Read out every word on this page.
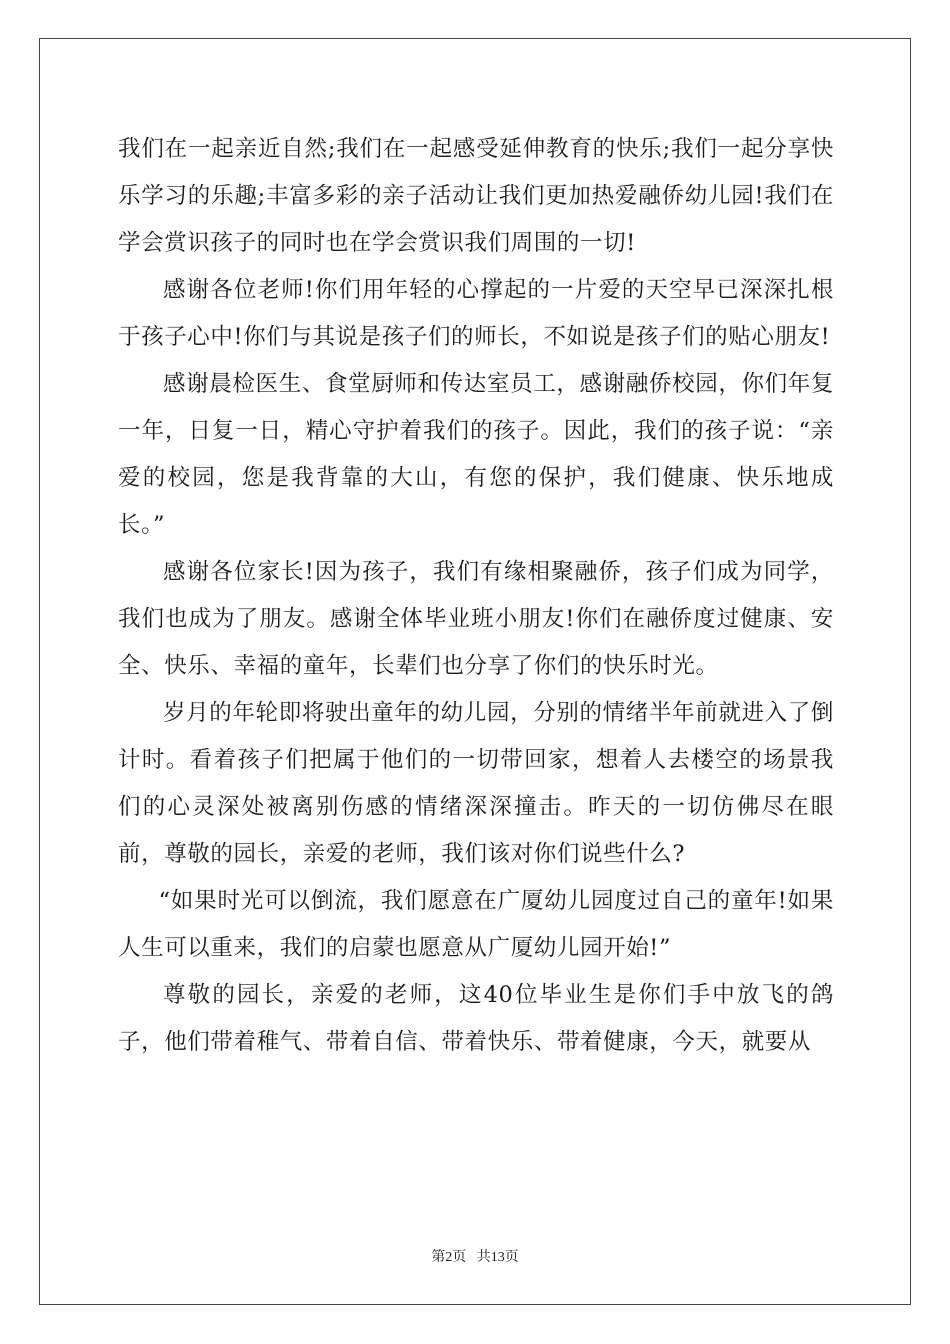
我们在一起亲近自然;我们在一起感受延伸教育的快乐;我们一起分享快乐学习的乐趣;丰富多彩的亲子活动让我们更加热爱融侨幼儿园!我们在学会赏识孩子的同时也在学会赏识我们周围的一切!

感谢各位老师!你们用年轻的心撑起的一片爱的天空早已深深扎根于孩子心中!你们与其说是孩子们的师长，不如说是孩子们的贴心朋友!

感谢晨检医生、食堂厨师和传达室员工，感谢融侨校园，你们年复一年，日复一日，精心守护着我们的孩子。因此，我们的孩子说：“亲爱的校园，您是我背靠的大山，有您的保护，我们健康、快乐地成长。”

感谢各位家长!因为孩子，我们有缘相聚融侨，孩子们成为同学，我们也成为了朋友。感谢全体毕业班小朋友!你们在融侨度过健康、安全、快乐、幸福的童年，长辈们也分享了你们的快乐时光。

岁月的年轮即将驶出童年的幼儿园，分别的情绪半年前就进入了倒计时。看着孩子们把属于他们的一切带回家，想着人去楼空的场景我们的心灵深处被离别伤感的情绪深深撞击。昨天的一切仿佛尽在眼前，尊敬的园长，亲爱的老师，我们该对你们说些什么?

“如果时光可以倒流，我们愿意在广厦幼儿园度过自己的童年!如果人生可以重来，我们的启蒙也愿意从广厦幼儿园开始!”

尊敬的园长，亲爱的老师，这40位毕业生是你们手中放飞的鸽子，他们带着稚气、带着自信、带着快乐、带着健康，今天，就要从

第2页 共13页
